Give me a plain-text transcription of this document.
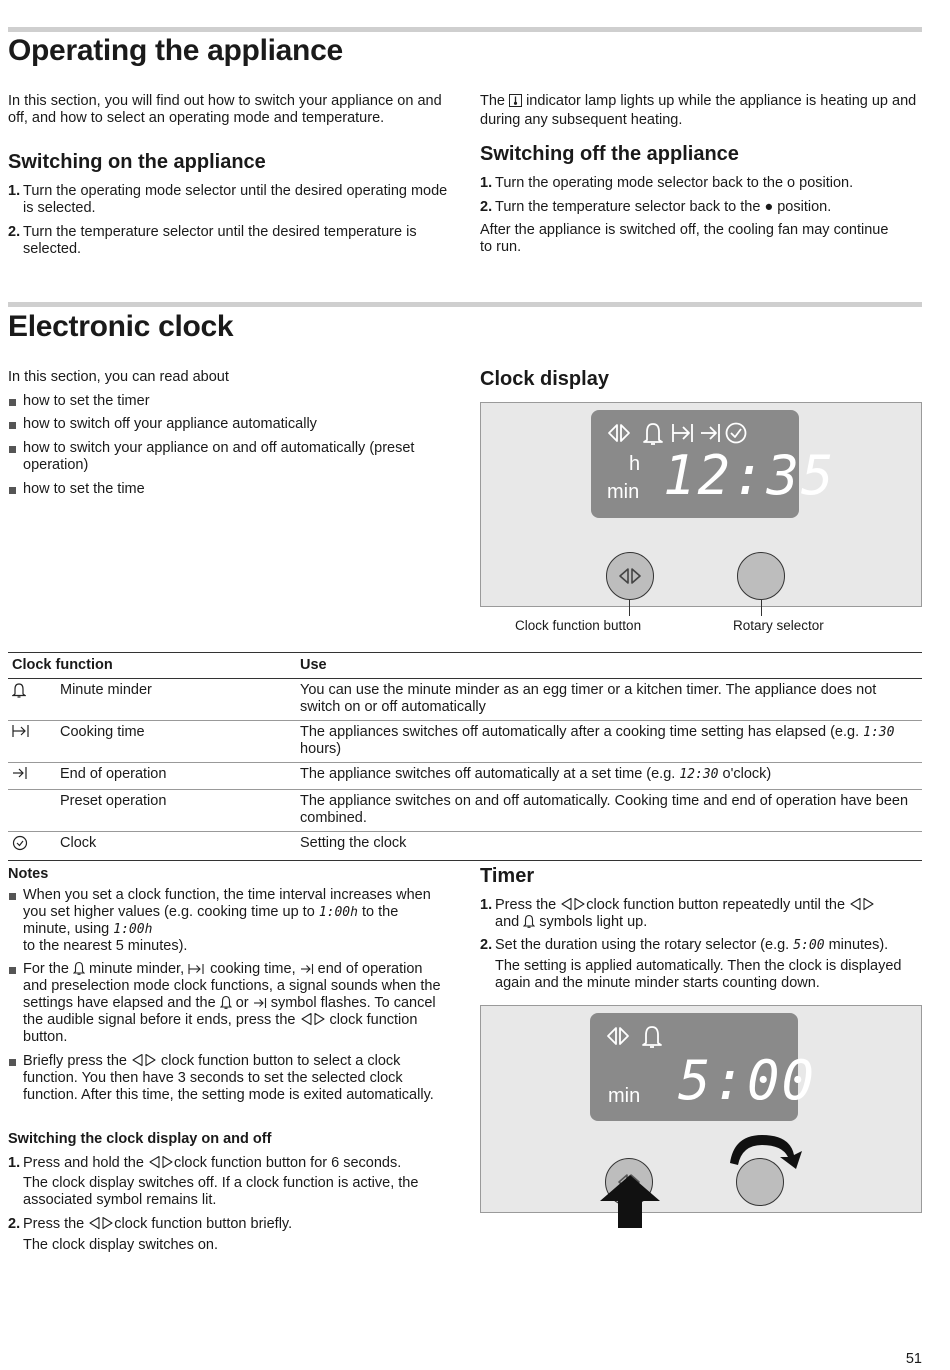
Operating the appliance
In this section, you will find out how to switch your appliance on and off, and how to select an operating mode and temperature.
The indicator lamp lights up while the appliance is heating up and during any subsequent heating.
Switching on the appliance
1. Turn the operating mode selector until the desired operating mode is selected.
2. Turn the temperature selector until the desired temperature is selected.
Switching off the appliance
1. Turn the operating mode selector back to the o position.
2. Turn the temperature selector back to the ● position.
After the appliance is switched off, the cooling fan may continue to run.
Electronic clock
In this section, you can read about
how to set the timer
how to switch off your appliance automatically
how to switch your appliance on and off automatically (preset operation)
how to set the time
Clock display
h
min 12:35
Clock function button	Rotary selector
Clock function		Use
	Minute minder	You can use the minute minder as an egg timer or a kitchen timer. The appliance does not switch on or off automatically
	Cooking time	The appliances switches off automatically after a cooking time setting has elapsed (e.g. 1:30 hours)
	End of operation	The appliance switches off automatically at a set time (e.g. 12:30 o'clock)
	Preset operation	The appliance switches on and off automatically. Cooking time and end of operation have been combined.
	Clock	Setting the clock
Notes
When you set a clock function, the time interval increases when you set higher values (e.g. cooking time up to 1:00h to the minute, using 1:00h
to the nearest 5 minutes).
For the minute minder, cooking time, end of operation and preselection mode clock functions, a signal sounds when the settings have elapsed and the or symbol flashes. To cancel the audible signal before it ends, press the clock function button.
Briefly press the clock function button to select a clock function. You then have 3 seconds to set the selected clock function. After this time, the setting mode is exited automatically.
Switching the clock display on and off
1. Press and hold the clock function button for 6 seconds.
The clock display switches off. If a clock function is active, the associated symbol remains lit.
2. Press the clock function button briefly.
The clock display switches on.
Timer
1. Press the clock function button repeatedly until the
and symbols light up.
2. Set the duration using the rotary selector (e.g. 5:00 minutes).
The setting is applied automatically. Then the clock is displayed again and the minute minder starts counting down.
min 5:00
51
